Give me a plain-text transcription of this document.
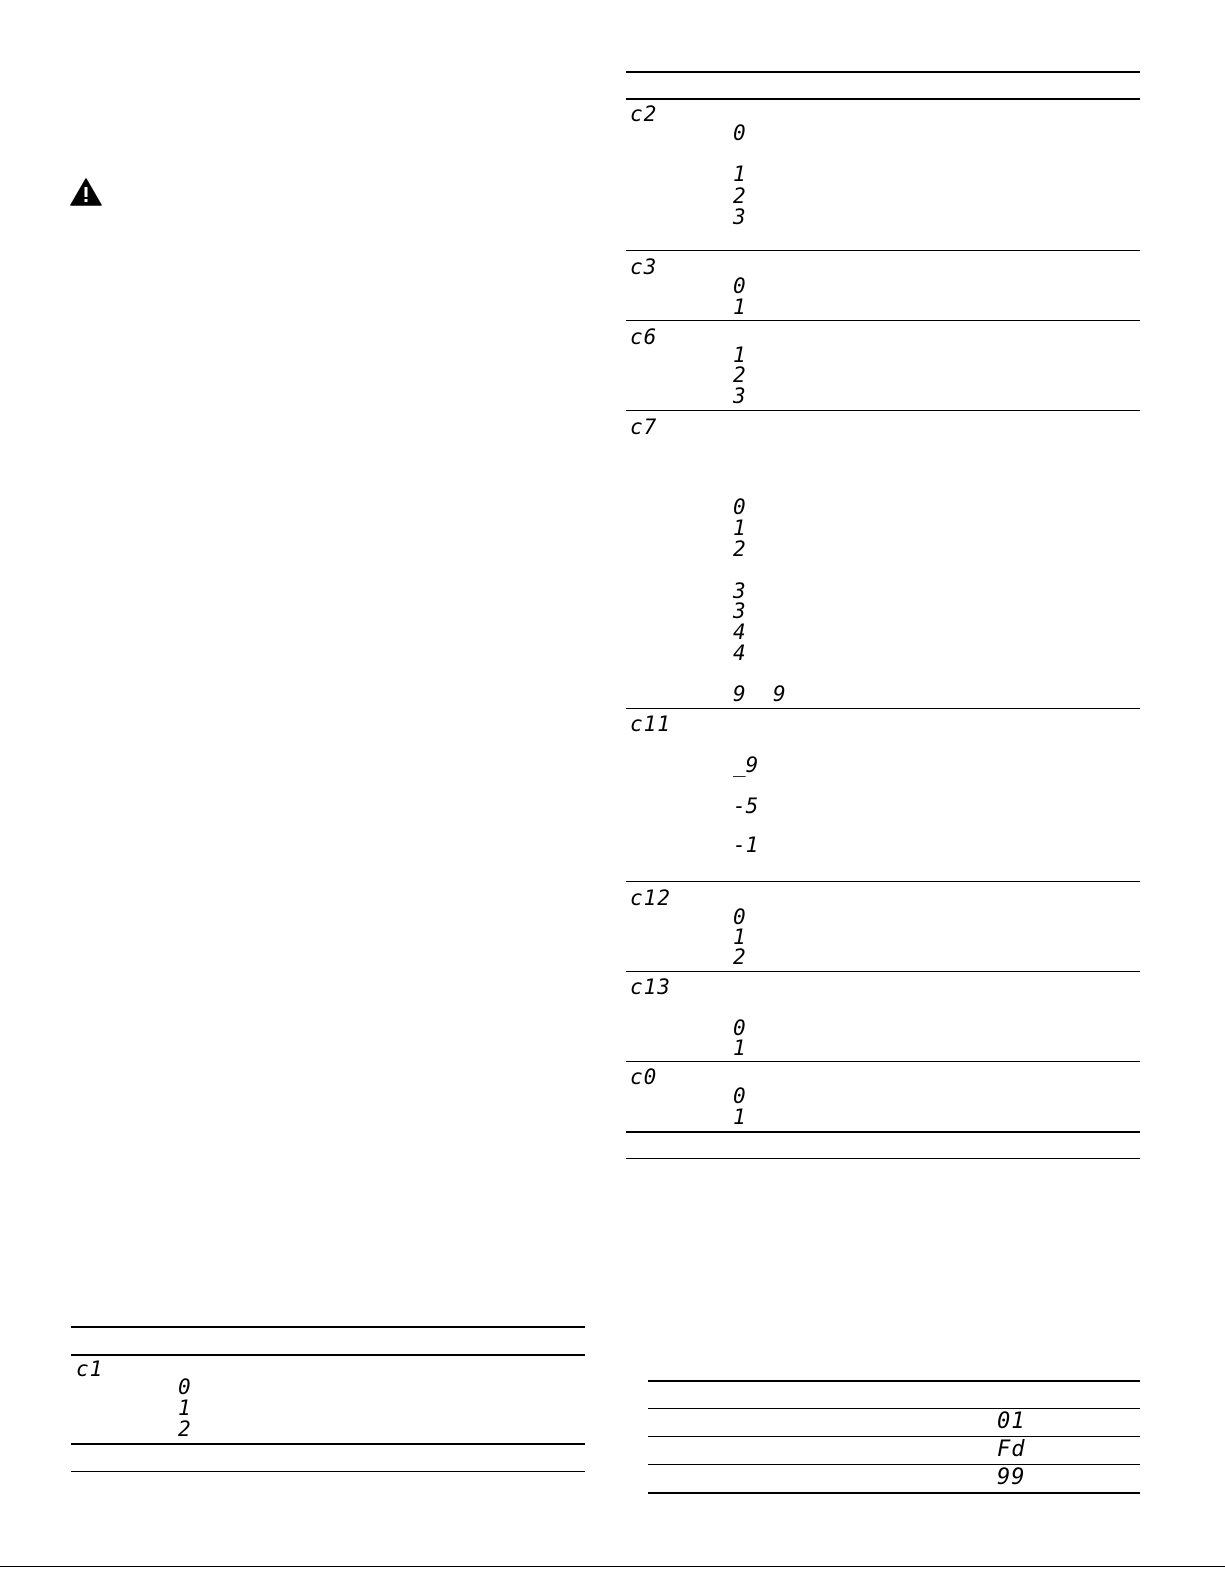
c2
0
1
2
3
c3
0
1
c6
1
2
3
c7
0
1
2
3
3
4
4
9 9
c11
_9
-5
-1
c12
0
1
2
c13
0
1
c0
0
1
c1
0
1
2	01
Fd
99
